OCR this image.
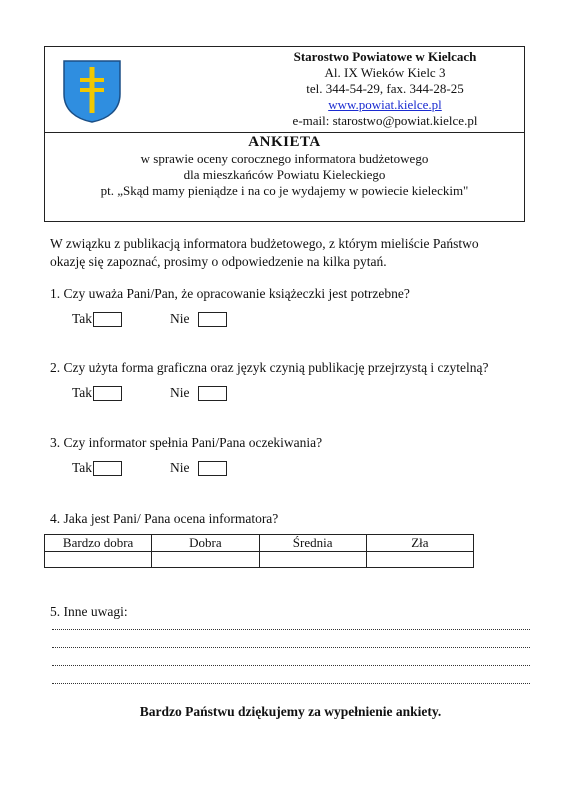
Starostwo Powiatowe w Kielcach
Al. IX Wieków Kielc 3
tel. 344-54-29, fax. 344-28-25
www.powiat.kielce.pl
e-mail: starostwo@powiat.kielce.pl
ANKIETA
w sprawie oceny corocznego informatora budżetowego
dla mieszkańców Powiatu Kieleckiego
pt. „Skąd mamy pieniądze i na co je wydajemy w powiecie kieleckim"
W związku z publikacją informatora budżetowego, z którym mieliście Państwo
okazję się zapoznać, prosimy o odpowiedzenie na kilka pytań.
1. Czy uważa Pani/Pan, że opracowanie książeczki jest potrzebne?
Tak	Nie
2. Czy użyta forma graficzna oraz język czynią publikację przejrzystą i czytelną?
Tak	Nie
3. Czy informator spełnia Pani/Pana oczekiwania?
Tak	Nie
4. Jaka jest Pani/ Pana ocena informatora?
Bardzo dobra	Dobra	Średnia	Zła

5. Inne uwagi:
Bardzo Państwu dziękujemy za wypełnienie ankiety.
